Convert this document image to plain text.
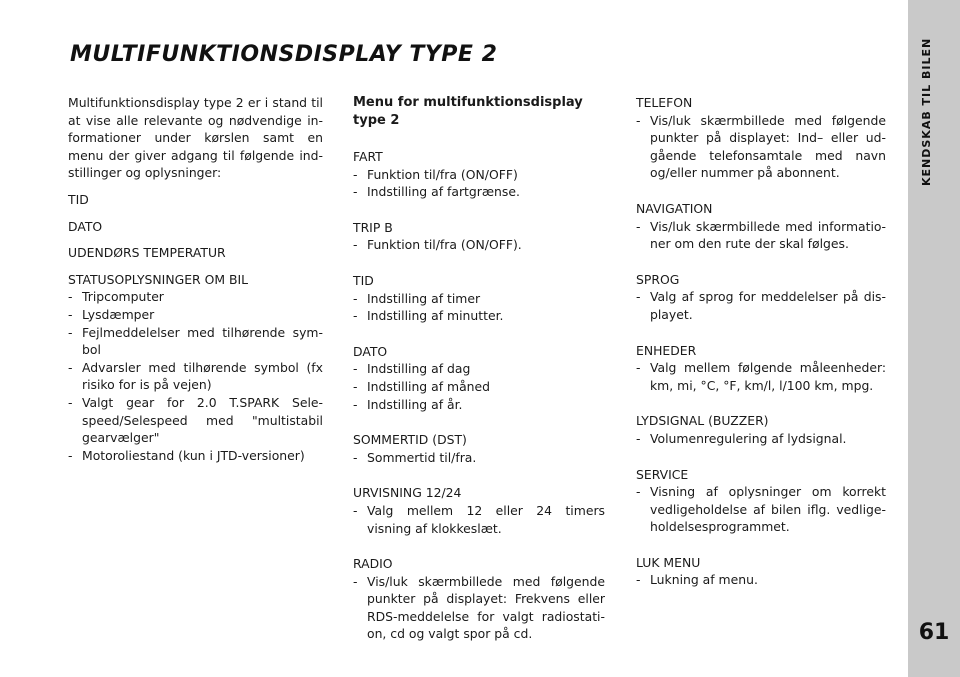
KENDSKAB TIL BILEN
61
MULTIFUNKTIONSDISPLAY TYPE 2

Multifunktionsdisplay type 2 er i stand til at vise alle relevante og nødvendige informationer under kørslen samt en menu der giver adgang til følgende indstillinger og oplysninger:

TID

DATO

UDENDØRS TEMPERATUR

STATUSOPLYSNINGER OM BIL

- Tripcomputer
- Lysdæmper
- Fejlmeddelelser med tilhørende symbol
- Advarsler med tilhørende symbol (fx risiko for is på vejen)
- Valgt gear for 2.0 T.SPARK Selespeed/Selespeed med "multistabil gearvælger"
- Motoroliestand (kun i JTD-versioner)

Menu for multifunktionsdisplay type 2

FART

- Funktion til/fra (ON/OFF)
- Indstilling af fartgrænse.

TRIP B

- Funktion til/fra (ON/OFF).

TID

- Indstilling af timer
- Indstilling af minutter.

DATO

- Indstilling af dag
- Indstilling af måned
- Indstilling af år.

SOMMERTID (DST)

- Sommertid til/fra.

URVISNING 12/24

- Valg mellem 12 eller 24 timers visning af klokkeslæt.

RADIO

- Vis/luk skærmbillede med følgende punkter på displayet: Frekvens eller RDS-meddelelse for valgt radiostation, cd og valgt spor på cd.

TELEFON

- Vis/luk skærmbillede med følgende punkter på displayet: Ind– eller udgående telefonsamtale med navn og/eller nummer på abonnent.

NAVIGATION

- Vis/luk skærmbillede med informationer om den rute der skal følges.

SPROG

- Valg af sprog for meddelelser på displayet.

ENHEDER

- Valg mellem følgende måleenheder: km, mi, °C, °F, km/l, l/100 km, mpg.

LYDSIGNAL (BUZZER)

- Volumenregulering af lydsignal.

SERVICE

- Visning af oplysninger om korrekt vedligeholdelse af bilen iflg. vedligeholdelsesprogrammet.

LUK MENU

- Lukning af menu.
